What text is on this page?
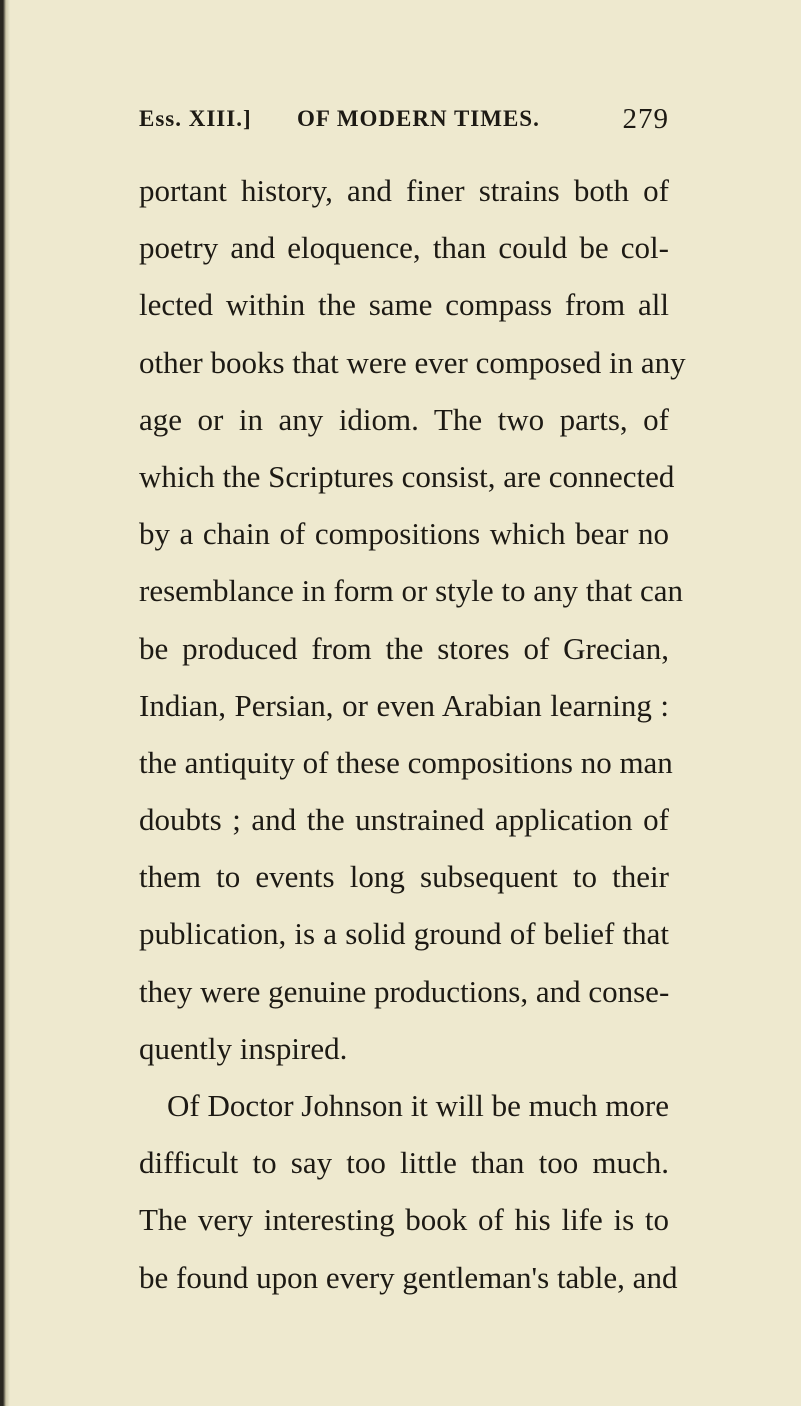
Ess. XIII.] OF MODERN TIMES.	279
portant history, and finer strains both of
poetry and eloquence, than could be col-
lected within the same compass from all
other books that were ever composed in any
age or in any idiom. The two parts, of
which the Scriptures consist, are connected
by a chain of compositions which bear no
resemblance in form or style to any that can
be produced from the stores of Grecian,
Indian, Persian, or even Arabian learning :
the antiquity of these compositions no man
doubts ; and the unstrained application of
them to events long subsequent to their
publication, is a solid ground of belief that
they were genuine productions, and conse-
quently inspired.
Of Doctor Johnson it will be much more
difficult to say too little than too much.
The very interesting book of his life is to
be found upon every gentleman's table, and
